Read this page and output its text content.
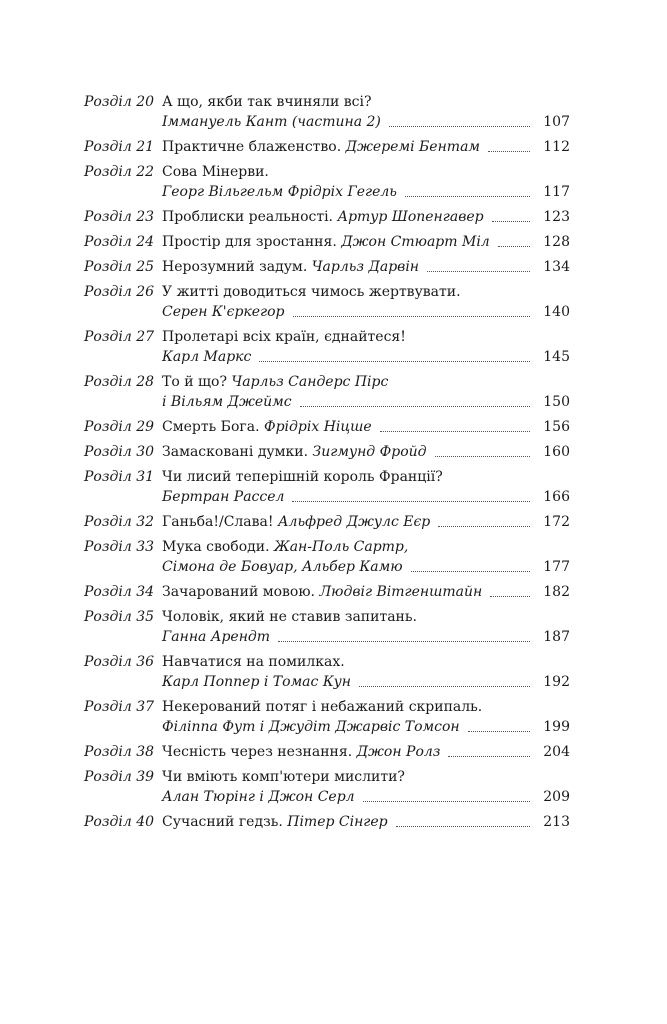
Розділ 20 А що, якби так вчиняли всі?
Іммануель Кант (частина 2)	107
Розділ 21 Практичне блаженство. Джеремі Бентам	112
Розділ 22 Сова Мінерви.
Георг Вільгельм Фрідріх Гегель	117
Розділ 23 Проблиски реальності. Артур Шопенгавер	123
Розділ 24 Простір для зростання. Джон Стюарт Міл	128
Розділ 25 Нерозумний задум. Чарльз Дарвін	134
Розділ 26 У житті доводиться чимось жертвувати.
Серен К'єркегор	140
Розділ 27 Пролетарі всіх країн, єднайтеся!
Карл Маркс	145
Розділ 28 То й що? Чарльз Сандерс Пірс
і Вільям Джеймс	150
Розділ 29 Смерть Бога. Фрідріх Ніцше	156
Розділ 30 Замасковані думки. Зигмунд Фройд	160
Розділ 31 Чи лисий теперішній король Франції?
Бертран Рассел	166
Розділ 32 Ганьба!/Слава! Альфред Джулс Еєр	172
Розділ 33 Мука свободи. Жан-Поль Сартр,
Сімона де Бовуар, Альбер Камю	177
Розділ 34 Зачарований мовою. Людвіг Вітгенштайн	182
Розділ 35 Чоловік, який не ставив запитань.
Ганна Арендт	187
Розділ 36 Навчатися на помилках.
Карл Поппер і Томас Кун	192
Розділ 37 Некерований потяг і небажаний скрипаль.
Філіппа Фут і Джудіт Джарвіс Томсон	199
Розділ 38 Чесність через незнання. Джон Ролз	204
Розділ 39 Чи вміють комп'ютери мислити?
Алан Тюрінг і Джон Серл	209
Розділ 40 Сучасний гедзь. Пітер Сінгер	213
